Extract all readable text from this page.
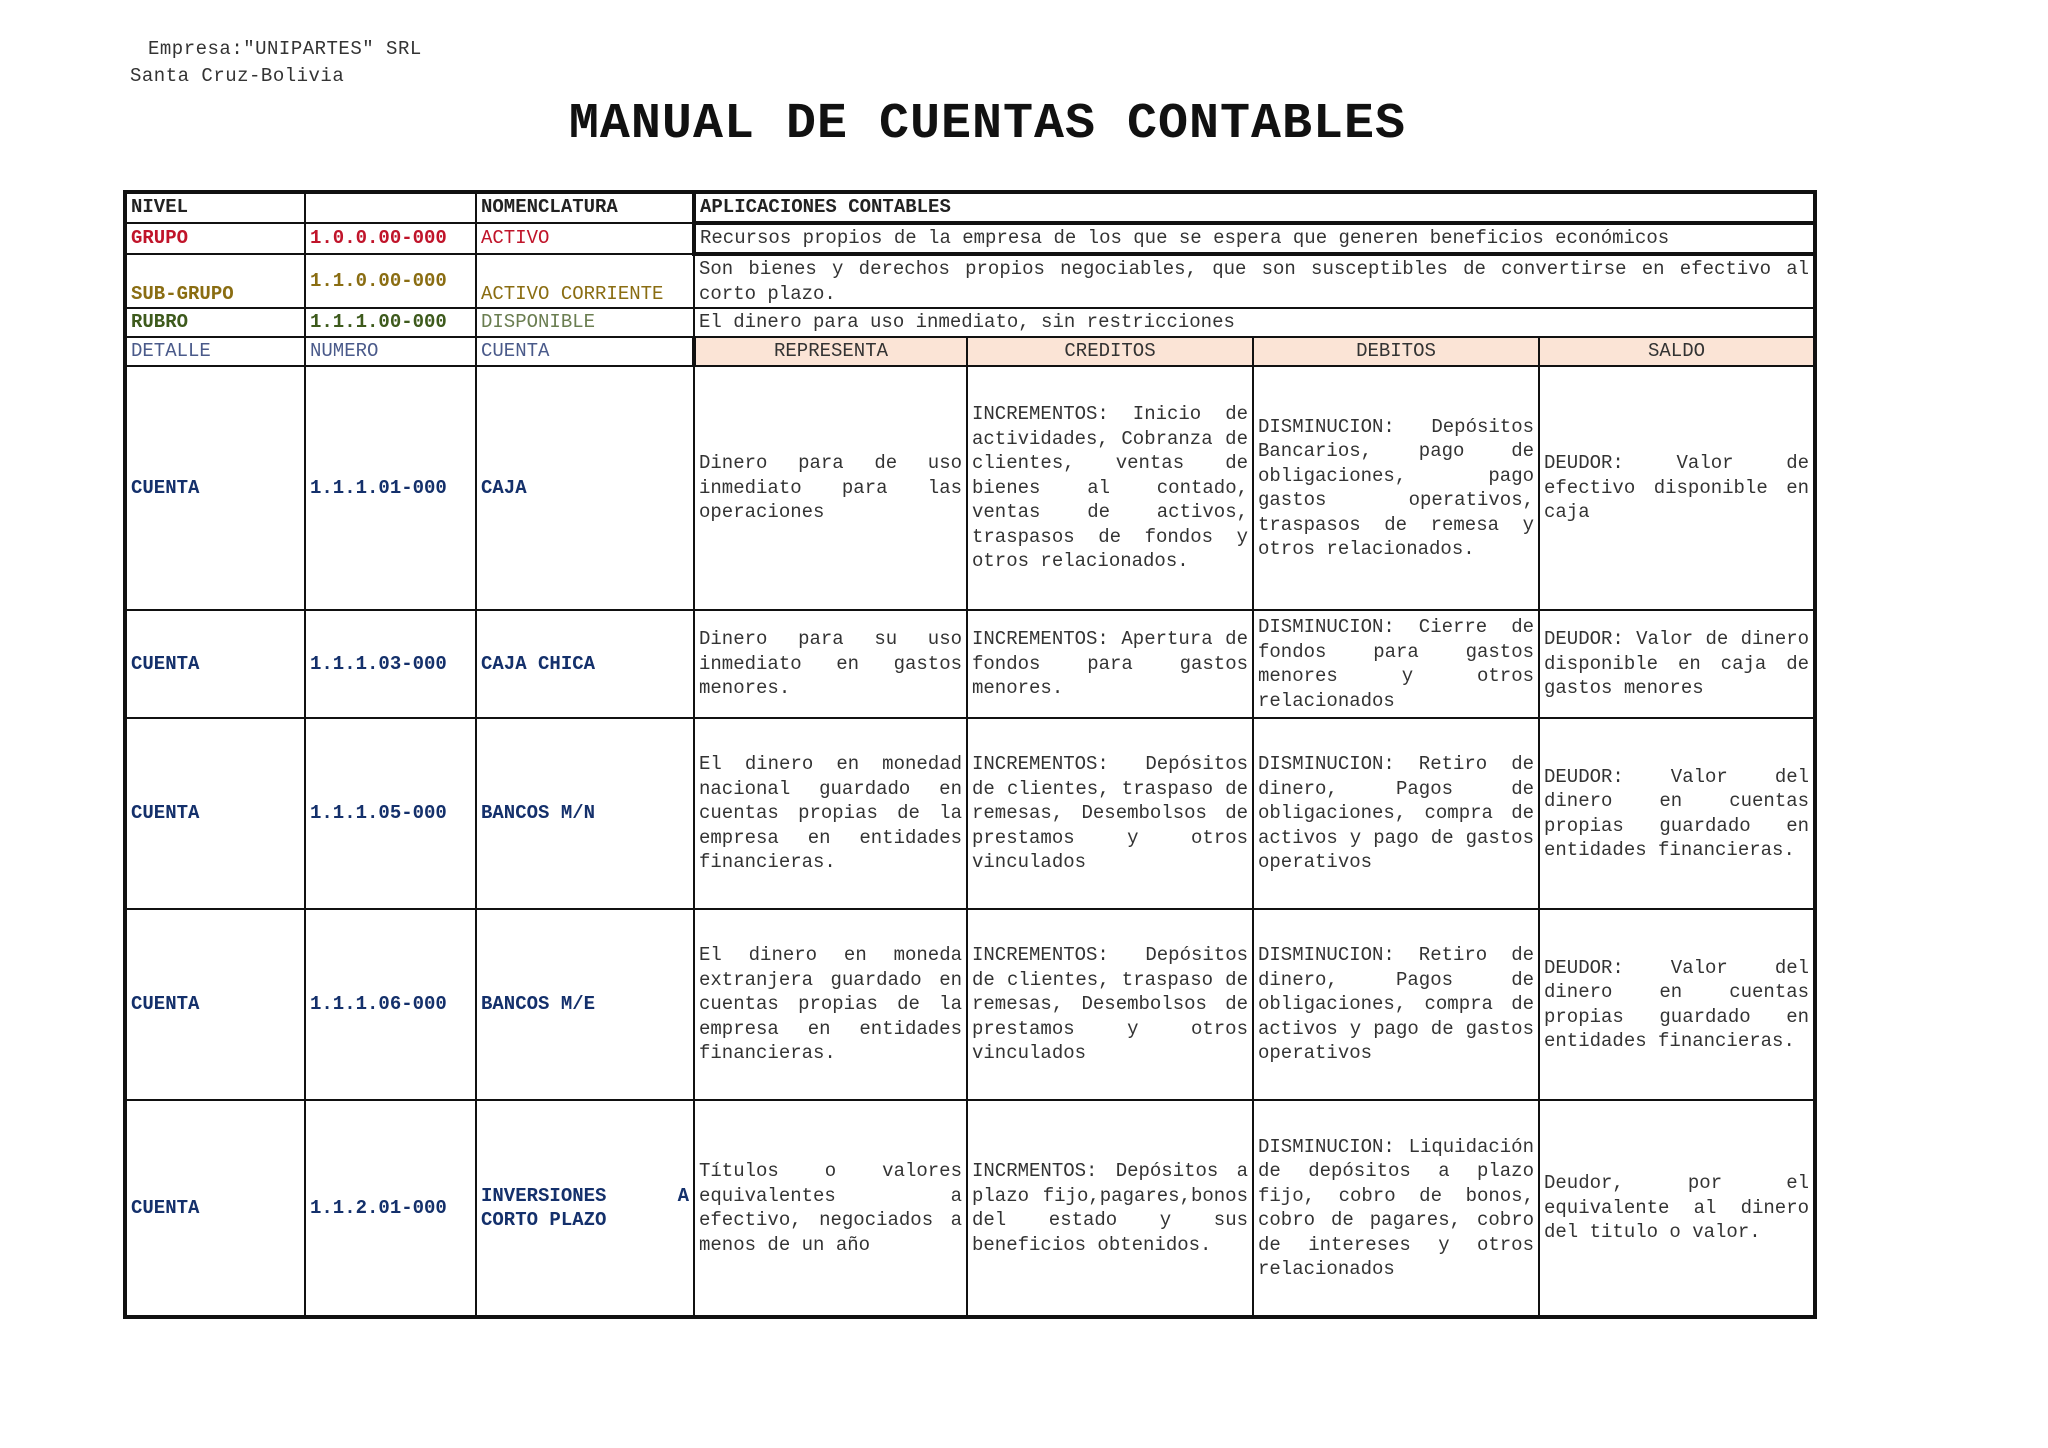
Empresa:"UNIPARTES" SRL
Santa Cruz-Bolivia
MANUAL DE CUENTAS CONTABLES
NIVEL		NOMENCLATURA	APLICACIONES CONTABLES			
GRUPO	1.0.0.00-000	ACTIVO	Recursos propios de la empresa de los que se espera que generen beneficios económicos			
SUB-GRUPO	1.1.0.00-000	ACTIVO CORRIENTE	Son bienes y derechos propios negociables, que son susceptibles de convertirse en efectivo al corto plazo.			
RUBRO	1.1.1.00-000	DISPONIBLE	El dinero para uso inmediato, sin restricciones			
DETALLE	NUMERO	CUENTA	REPRESENTA	CREDITOS	DEBITOS	SALDO
CUENTA	1.1.1.01-000	CAJA	Dinero para de uso inmediato para las operaciones	INCREMENTOS: Inicio de actividades, Cobranza de clientes, ventas de bienes al contado, ventas de activos, traspasos de fondos y otros relacionados.	DISMINUCION: Depósitos Bancarios, pago de obligaciones, pago gastos operativos, traspasos de remesa y otros relacionados.	DEUDOR: Valor de efectivo disponible en caja
CUENTA	1.1.1.03-000	CAJA CHICA	Dinero para su uso inmediato en gastos menores.	INCREMENTOS: Apertura de fondos para gastos menores.	DISMINUCION: Cierre de fondos para gastos menores y otros relacionados	DEUDOR: Valor de dinero disponible en caja de gastos menores
CUENTA	1.1.1.05-000	BANCOS M/N	El dinero en monedad nacional guardado en cuentas propias de la empresa en entidades financieras.	INCREMENTOS: Depósitos de clientes, traspaso de remesas, Desembolsos de prestamos y otros vinculados	DISMINUCION: Retiro de dinero, Pagos de obligaciones, compra de activos y pago de gastos operativos	DEUDOR: Valor del dinero en cuentas propias guardado en entidades financieras.
CUENTA	1.1.1.06-000	BANCOS M/E	El dinero en moneda extranjera guardado en cuentas propias de la empresa en entidades financieras.	INCREMENTOS: Depósitos de clientes, traspaso de remesas, Desembolsos de prestamos y otros vinculados	DISMINUCION: Retiro de dinero, Pagos de obligaciones, compra de activos y pago de gastos operativos	DEUDOR: Valor del dinero en cuentas propias guardado en entidades financieras.
CUENTA	1.1.2.01-000	INVERSIONES A CORTO PLAZO	Títulos o valores equivalentes a efectivo, negociados a menos de un año	INCRMENTOS: Depósitos a plazo fijo,pagares,bonos del estado y sus beneficios obtenidos.	DISMINUCION: Liquidación de depósitos a plazo fijo, cobro de bonos, cobro de pagares, cobro de intereses y otros relacionados	Deudor, por el equivalente al dinero del titulo o valor.
